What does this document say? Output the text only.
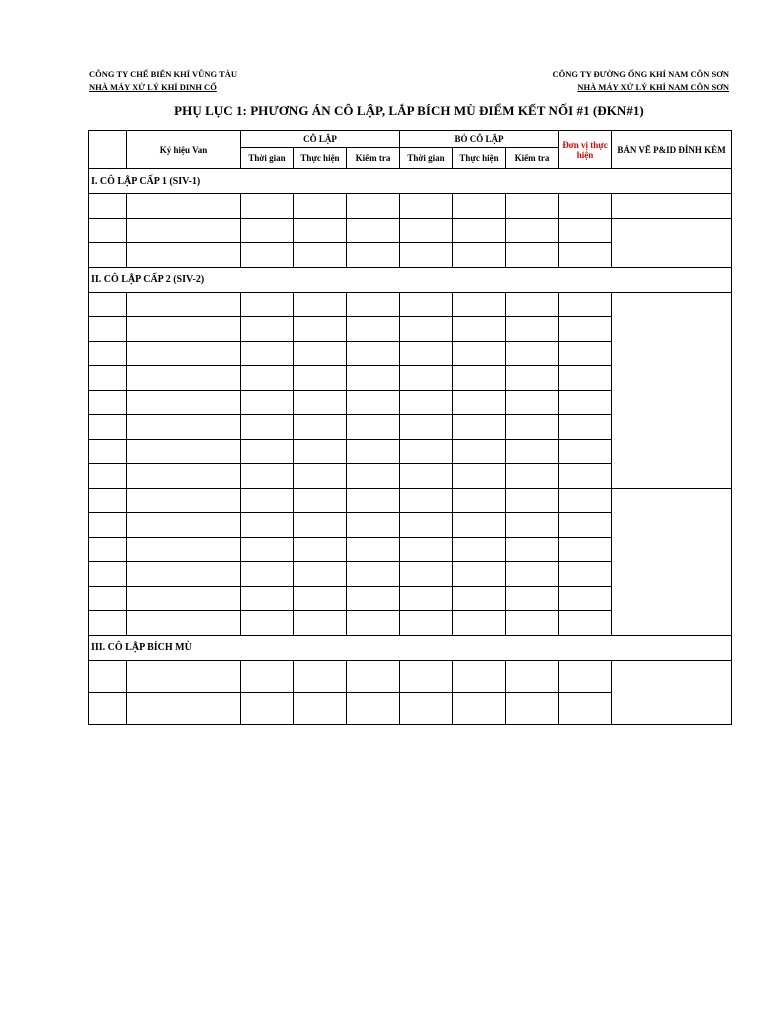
CÔNG TY CHẾ BIẾN KHÍ VŨNG TÀU
NHÀ MÁY XỬ LÝ KHÍ DINH CỐ
CÔNG TY ĐƯỜNG ỐNG KHÍ NAM CÔN SƠN
NHÀ MÁY XỬ LÝ KHÍ NAM CÔN SƠN
PHỤ LỤC 1: PHƯƠNG ÁN CÔ LẬP, LẮP BÍCH MÙ ĐIỂM KẾT NỐI #1 (ĐKN#1)
	Ký hiệu Van	CÔ LẬP			BỎ CÔ LẬP			Đơn vị thực hiện	BẢN VẼ P&ID ĐÍNH KÈM
		Thời gian	Thực hiện	Kiểm tra	Thời gian	Thực hiện	Kiểm tra		
I. CÔ LẬP CẤP 1 (SIV-1)									

II. CÔ LẬP CẤP 2 (SIV-2)									

III. CÔ LẬP BÍCH MÙ									
